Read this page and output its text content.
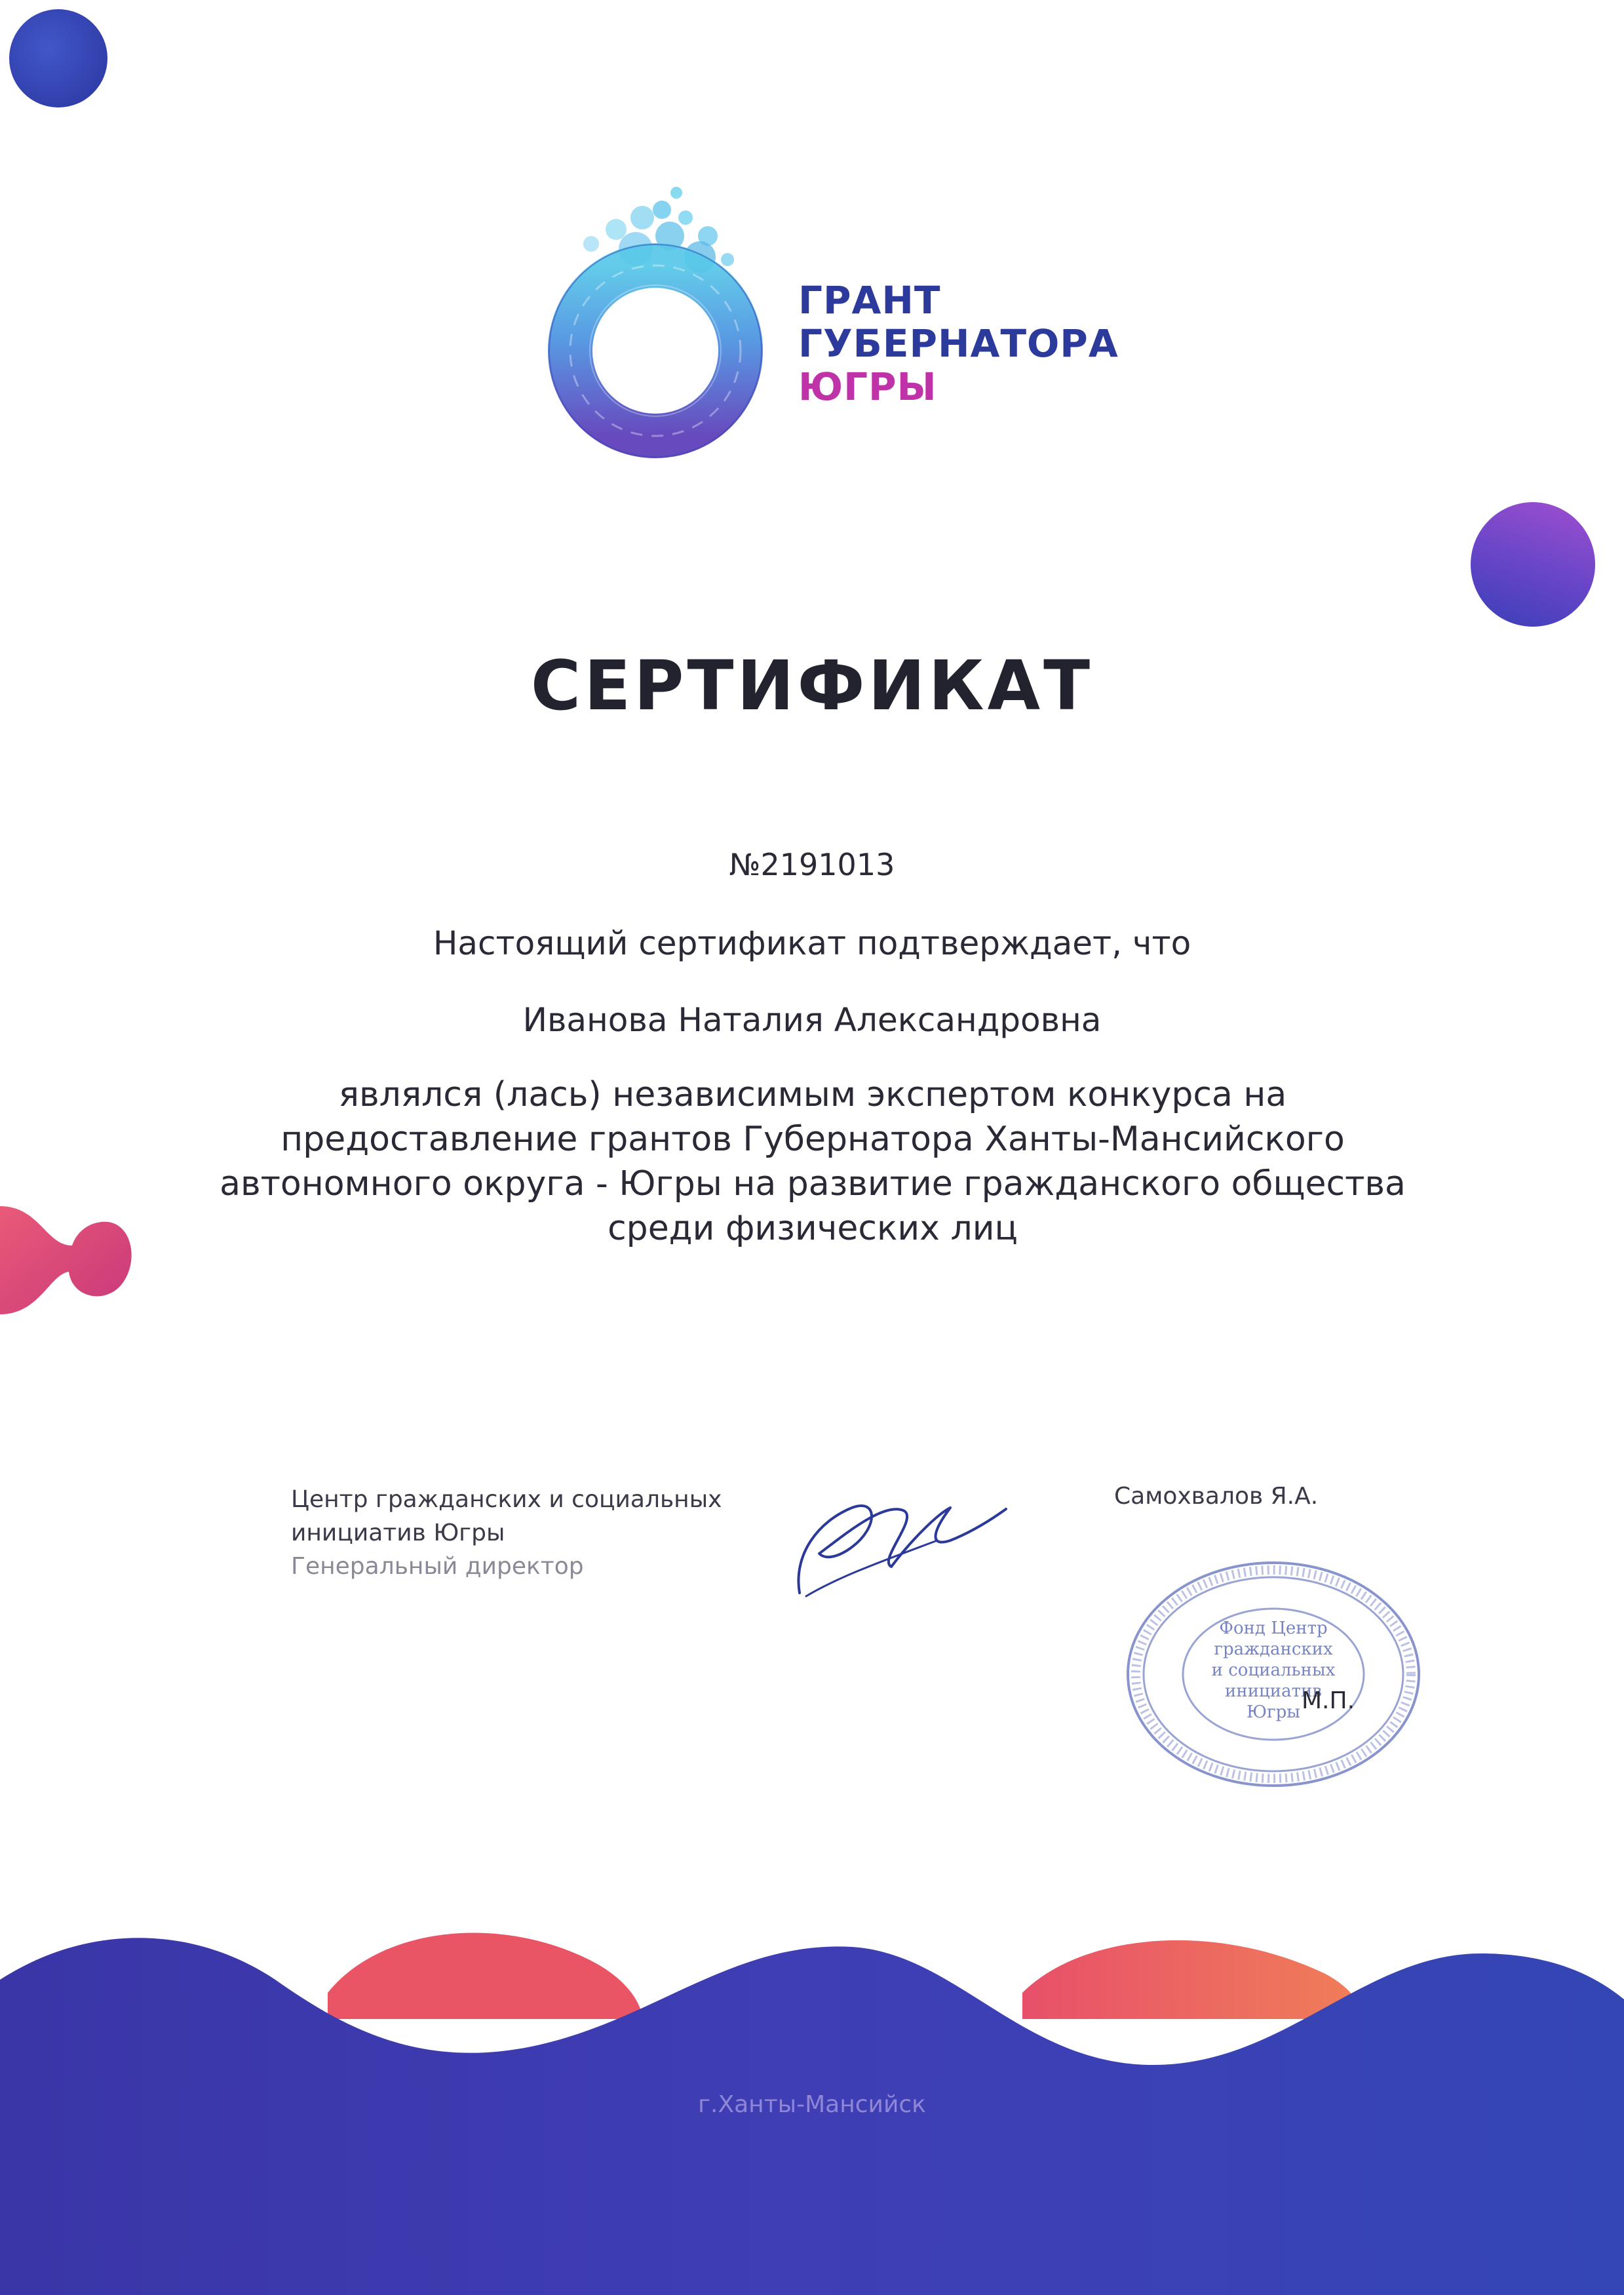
ГРАНТ
ГУБЕРНАТОРА
ЮГРЫ
СЕРТИФИКАТ
№2191013
Настоящий сертификат подтверждает, что
Иванова Наталия Александровна
являлся (лась) независимым экспертом конкурса на
предоставление грантов Губернатора Ханты-Мансийского
автономного округа - Югры на развитие гражданского общества
среди физических лиц
Центр гражданских и социальных
инициатив Югры
Генеральный директор
Самохвалов Я.А.
Фонд Центр
гражданских
и социальных
инициатив
Югры М.П.
г.Ханты-Мансийск
